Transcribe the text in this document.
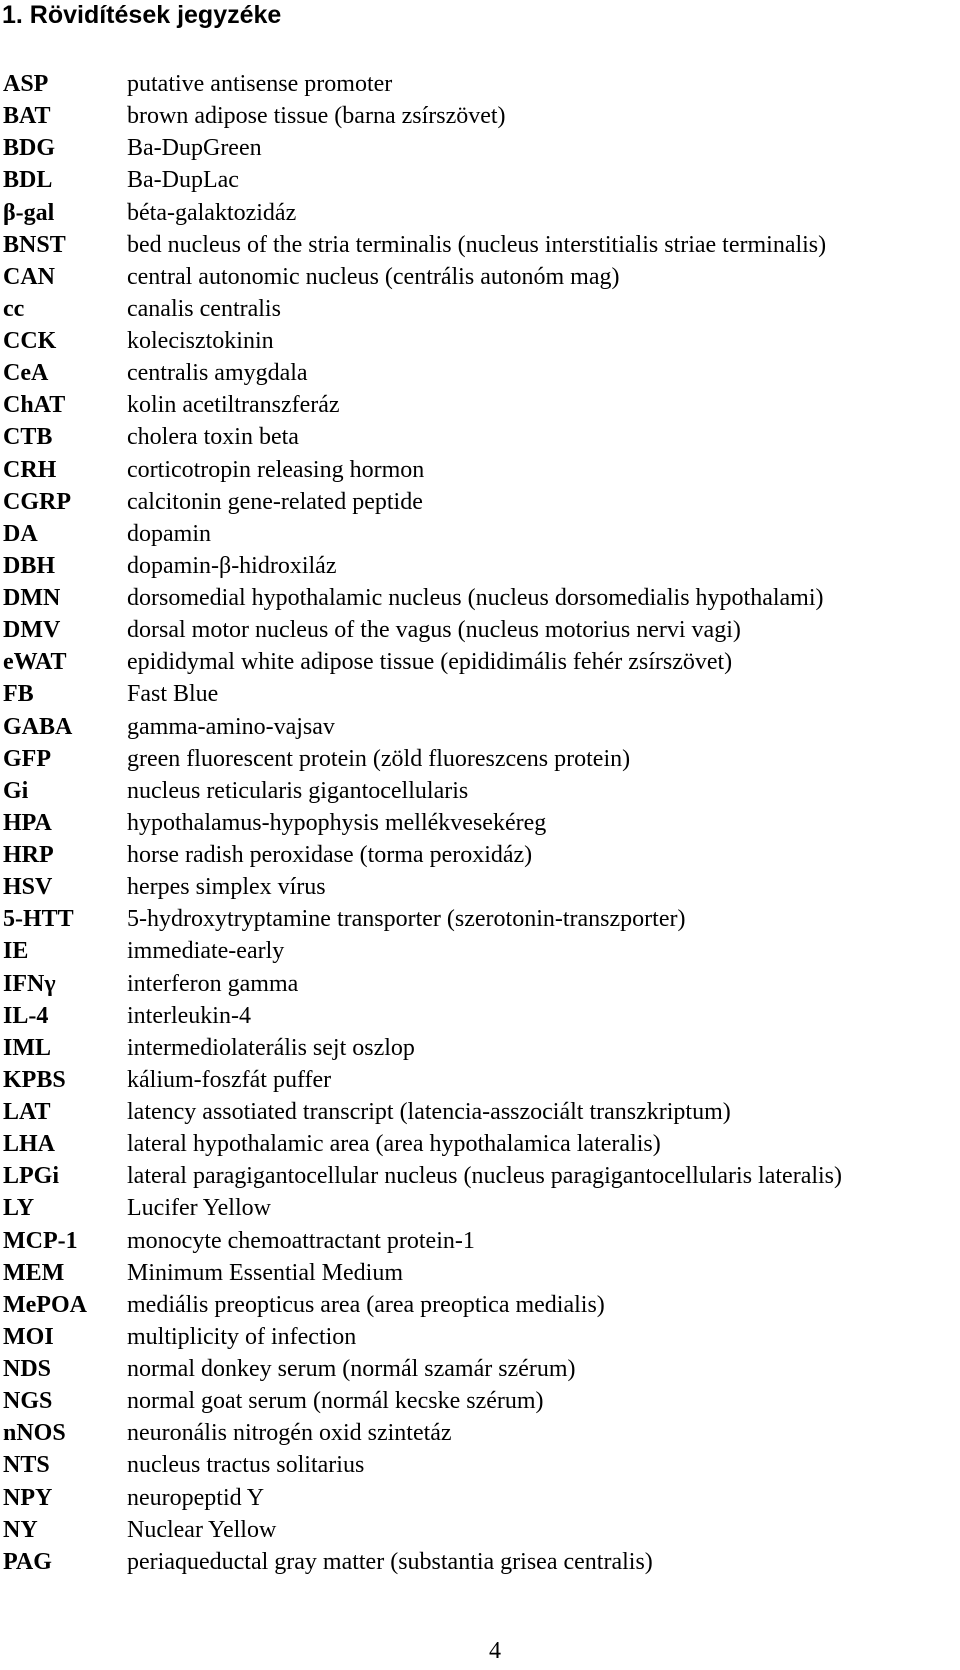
1. Rövidítések jegyzéke
ASP	putative antisense promoter
BAT	brown adipose tissue (barna zsírszövet)
BDG	Ba-DupGreen
BDL	Ba-DupLac
β-gal	béta-galaktozidáz
BNST	bed nucleus of the stria terminalis (nucleus interstitialis striae terminalis)
CAN	central autonomic nucleus (centrális autonóm mag)
cc	canalis centralis
CCK	kolecisztokinin
CeA	centralis amygdala
ChAT	kolin acetiltranszferáz
CTB	cholera toxin beta
CRH	corticotropin releasing hormon
CGRP calcitonin gene-related peptide
DA	dopamin
DBH	dopamin-β-hidroxiláz
DMN	dorsomedial hypothalamic nucleus (nucleus dorsomedialis hypothalami)
DMV	dorsal motor nucleus of the vagus (nucleus motorius nervi vagi)
eWAT	epididymal white adipose tissue (epididimális fehér zsírszövet)
FB	Fast Blue
GABA gamma-amino-vajsav
GFP	green fluorescent protein (zöld fluoreszcens protein)
Gi	nucleus reticularis gigantocellularis
HPA	hypothalamus-hypophysis mellékvesekéreg
HRP	horse radish peroxidase (torma peroxidáz)
HSV	herpes simplex vírus
5-HTT 5-hydroxytryptamine transporter (szerotonin-transzporter)
IE	immediate-early
IFNγ	interferon gamma
IL-4	interleukin-4
IML	intermediolaterális sejt oszlop
KPBS	kálium-foszfát puffer
LAT	latency assotiated transcript (latencia-asszociált transzkriptum)
LHA	lateral hypothalamic area (area hypothalamica lateralis)
LPGi	lateral paragigantocellular nucleus (nucleus paragigantocellularis lateralis)
LY	Lucifer Yellow
MCP-1 monocyte chemoattractant protein-1
MEM	Minimum Essential Medium
MePOA mediális preopticus area (area preoptica medialis)
MOI	multiplicity of infection
NDS	normal donkey serum (normál szamár szérum)
NGS	normal goat serum (normál kecske szérum)
nNOS	neuronális nitrogén oxid szintetáz
NTS	nucleus tractus solitarius
NPY	neuropeptid Y
NY	Nuclear Yellow
PAG	periaqueductal gray matter (substantia grisea centralis)
4
